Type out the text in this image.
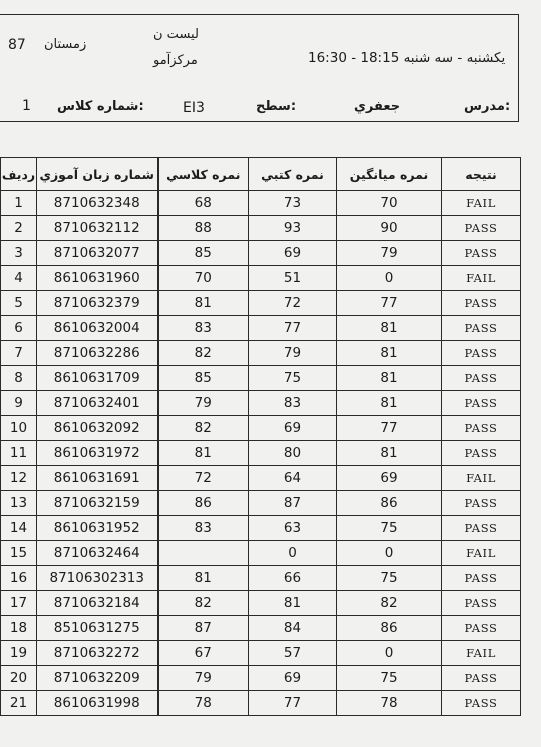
لیست ن
مرکزآمو
87 زمستان
یکشنبه - سه شنبه 18:15 - 16:30
1 شماره كلاس:	EI3	سطح:	جعفري	مدرس:
ردیف	شماره زبان آموزي	نمره كلاسي	نمره كتبي	نمره ميانگين	نتيجه
1	8710632348	68	73	70	FAIL
2	8710632112	88	93	90	PASS
3	8710632077	85	69	79	PASS
4	8610631960	70	51	0	FAIL
5	8710632379	81	72	77	PASS
6	8610632004	83	77	81	PASS
7	8710632286	82	79	81	PASS
8	8610631709	85	75	81	PASS
9	8710632401	79	83	81	PASS
10	8610632092	82	69	77	PASS
11	8610631972	81	80	81	PASS
12	8610631691	72	64	69	FAIL
13	8710632159	86	87	86	PASS
14	8610631952	83	63	75	PASS
15	8710632464		0	0	FAIL
16	87106302313	81	66	75	PASS
17	8710632184	82	81	82	PASS
18	8510631275	87	84	86	PASS
19	8710632272	67	57	0	FAIL
20	8710632209	79	69	75	PASS
21	8610631998	78	77	78	PASS
